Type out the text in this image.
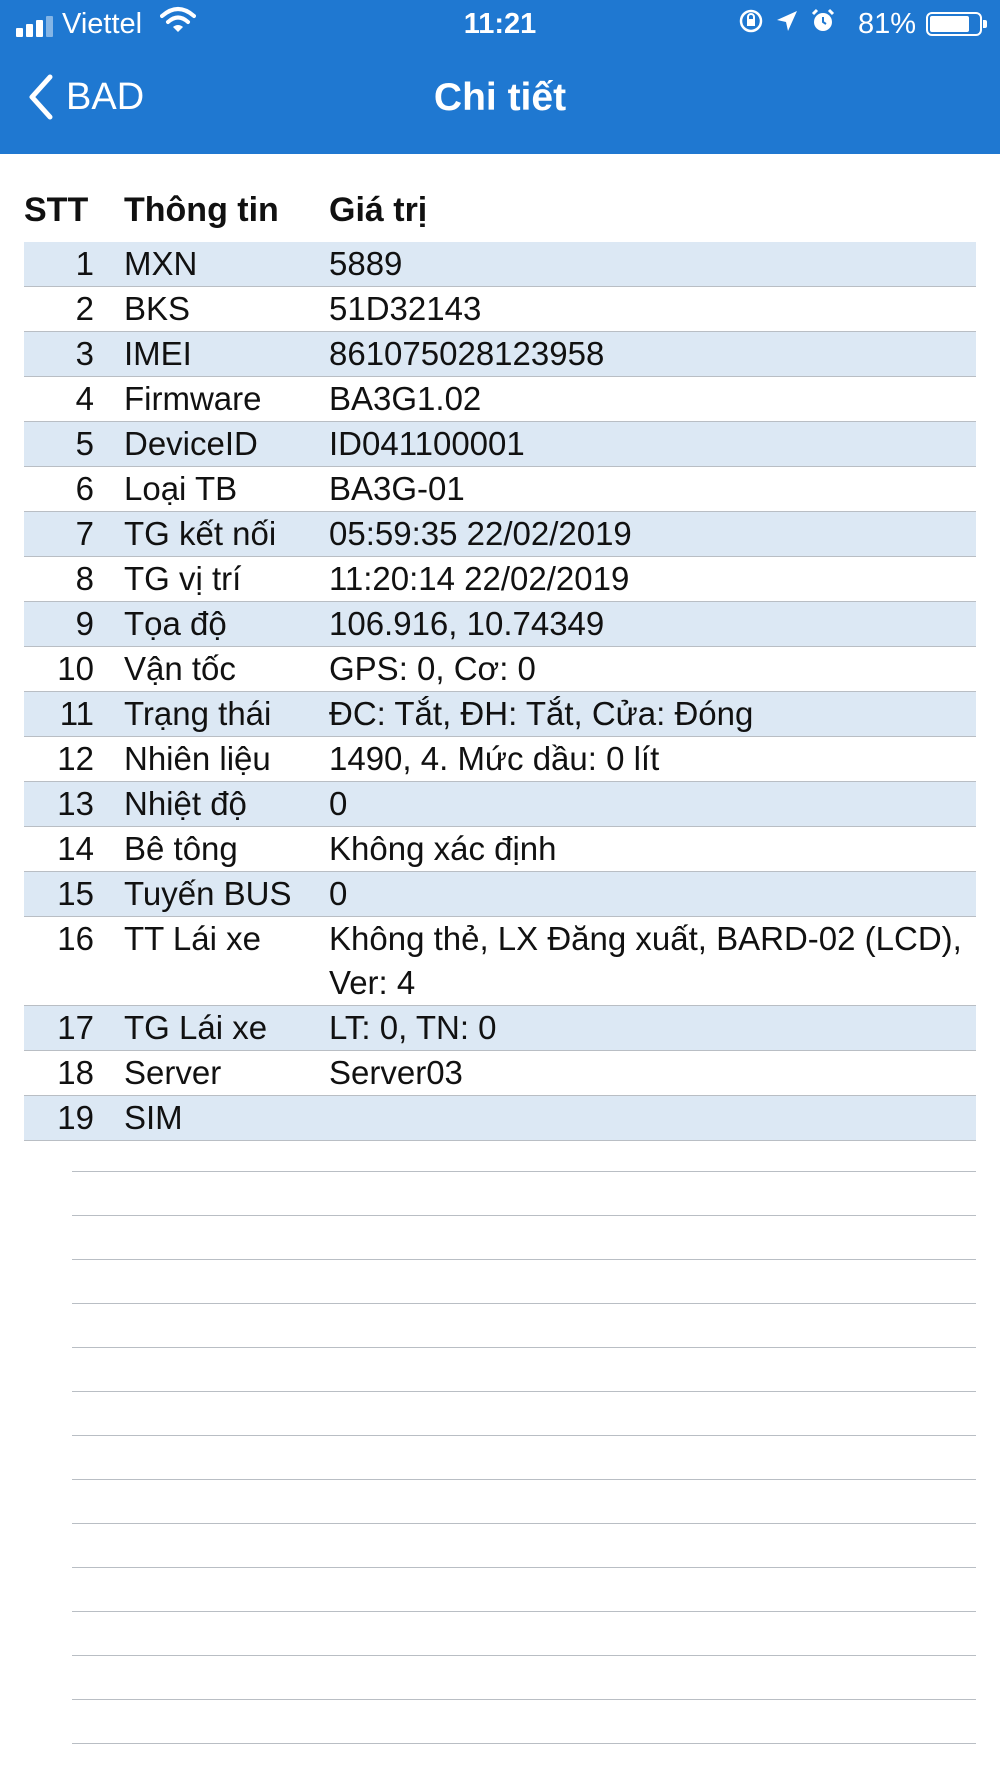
Viettel	11:21	81%
BAD	Chi tiết
STT	Thông tin	Giá trị
1 MXN	5889
2 BKS	51D32143
3 IMEI	861075028123958
4 Firmware	BA3G1.02
5 DeviceID	ID041100001
6 Loại TB	BA3G-01
7 TG kết nối	05:59:35 22/02/2019
8 TG vị trí	11:20:14 22/02/2019
9 Tọa độ	106.916, 10.74349
10 Vận tốc	GPS: 0, Cơ: 0
11 Trạng thái	ĐC: Tắt, ĐH: Tắt, Cửa: Đóng
12 Nhiên liệu	1490, 4. Mức dầu: 0 lít
13 Nhiệt độ	0
14 Bê tông	Không xác định
15 Tuyến BUS	0
16 TT Lái xe	Không thẻ, LX Đăng xuất, BARD-02 (LCD), Ver: 4
17 TG Lái xe	LT: 0, TN: 0
18 Server	Server03
19 SIM
